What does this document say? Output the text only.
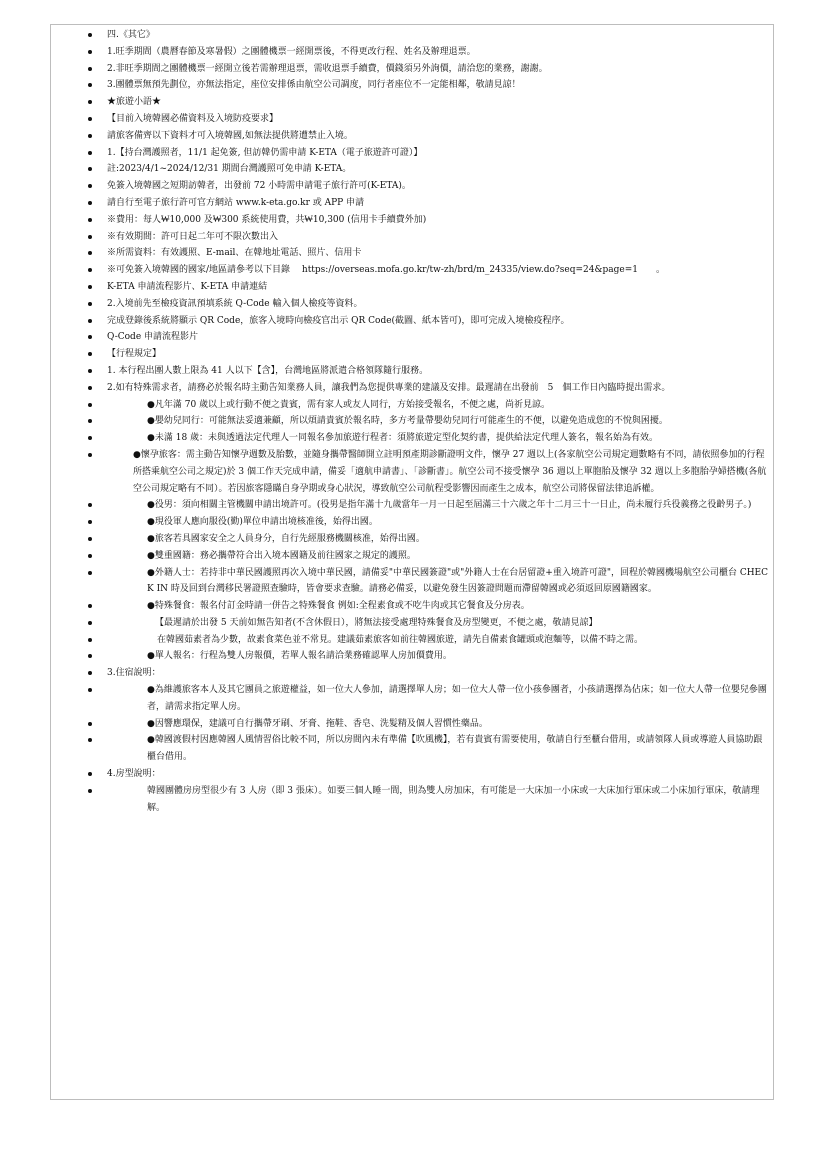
四.《其它》
1.旺季期間（農曆春節及寒暑假）之團體機票一經開票後，不得更改行程、姓名及辦理退票。
2.非旺季期間之團體機票一經開立後若需辦理退票，需收退票手續費，價錢須另外詢價，請洽您的業務，謝謝。
3.團體票無預先劃位，亦無法指定，座位安排係由航空公司調度，同行者座位不一定能相鄰，敬請見諒！
★旅遊小語★
【目前入境韓國必備資料及入境防疫要求】
請旅客備齊以下資料才可入境韓國,如無法提供將遭禁止入境。
1.【持台灣護照者，11/1 起免簽, 但訪韓仍需申請 K-ETA（電子旅遊許可證）】
註:2023/4/1~2024/12/31 期間台灣護照可免申請 K-ETA。
免簽入境韓國之短期訪韓者，出發前 72 小時需申請電子旅行許可(K-ETA)。
請自行至電子旅行許可官方網站 www.k-eta.go.kr 或 APP 申請
※費用：每人₩10,000 及₩300 系統使用費，共₩10,300 (信用卡手續費外加)
※有效期間：許可日起二年可不限次數出入
※所需資料：有效護照、E-mail、在韓地址電話、照片、信用卡
※可免簽入境韓國的國家/地區請參考以下目錄　 https://overseas.mofa.go.kr/tw-zh/brd/m_24335/view.do?seq=24&page=1　　。
K-ETA 申請流程影片、K-ETA 申請連結
2.入境前先至檢疫資訊預填系統 Q-Code 輸入個人檢疫等資料。
完成登錄後系統將顯示 QR Code，旅客入境時向檢疫官出示 QR Code(截圖、紙本皆可)，即可完成入境檢疫程序。
Q-Code 申請流程影片
【行程規定】
1. 本行程出團人數上限為 41 人以下【含】，台灣地區將派遣合格領隊隨行服務。
2.如有特殊需求者，請務必於報名時主動告知業務人員，讓我們為您提供專業的建議及安排。最遲請在出發前　5　個工作日內臨時提出需求。
●凡年滿 70 歲以上或行動不便之貴賓，需有家人或友人同行，方始接受報名，不便之處，尚祈見諒。
●嬰幼兒同行：可能無法妥適兼顧，所以煩請貴賓於報名時，多方考量帶嬰幼兒同行可能產生的不便，以避免造成您的不悅與困擾。
●未滿 18 歲：未與透過法定代理人一同報名參加旅遊行程者：須將旅遊定型化契約書，提供給法定代理人簽名，報名始為有效。
●懷孕旅客：需主動告知懷孕週數及胎數，並隨身攜帶醫師開立註明預產期診斷證明文件，懷孕 27 週以上(各家航空公司規定週數略有不同，請依照參加的行程所搭乘航空公司之規定)於 3 個工作天完成申請，備妥「適航申請書」、「診斷書」。航空公司不接受懷孕 36 週以上單胞胎及懷孕 32 週以上多胞胎孕婦搭機(各航空公司規定略有不同）。若因旅客隱瞞自身孕期或身心狀況，導致航空公司航程受影響因而產生之成本，航空公司將保留法律追訴權。
●役男：須向相關主管機關申請出境許可。(役男是指年滿十九歲當年一月一日起至屆滿三十六歲之年十二月三十一日止，尚未履行兵役義務之役齡男子。)
●現役軍人應向服役(勤)單位申請出境核准後，始得出國。
●旅客若具國家安全之人員身分，自行先經服務機關核准，始得出國。
●雙重國籍：務必攜帶符合出入境本國籍及前往國家之規定的護照。
●外籍人士：若持非中華民國護照再次入境中華民國，請備妥"中華民國簽證"或"外籍人士在台居留證+重入境許可證"，回程於韓國機場航空公司櫃台 CHECK IN 時及回到台灣移民署證照查驗時，皆會要求查驗。請務必備妥，以避免發生因簽證問題而滯留韓國或必須返回原國籍國家。
●特殊餐食：報名付訂金時請一併告之特殊餐食 例如:全程素食或不吃牛肉或其它餐食及分房表。
【最遲請於出發 5 天前如無告知者(不含休假日），將無法接受處理特殊餐食及房型變更，不便之處，敬請見諒】
在韓國茹素者為少數，故素食菜色並不常見。建議茹素旅客如前往韓國旅遊，請先自備素食罐頭或泡麵等，以備不時之需。
●單人報名：行程為雙人房報價，若單人報名請洽業務確認單人房加價費用。
3.住宿說明：
●為維護旅客本人及其它團員之旅遊權益，如一位大人參加，請選擇單人房；如一位大人帶一位小孩參團者，小孩請選擇為佔床；如一位大人帶一位嬰兒參團者，請需求指定單人房。
●因響應環保，建議可自行攜帶牙刷、牙膏、拖鞋、香皂、洗髮精及個人習慣性藥品。
●韓國渡假村因應韓國人風情習俗比較不同，所以房間內未有準備【吹風機】，若有貴賓有需要使用，敬請自行至櫃台借用，或請領隊人員或導遊人員協助跟櫃台借用。
4.房型說明：
韓國團體房房型很少有 3 人房（即 3 張床）。如要三個人睡一間，則為雙人房加床，有可能是一大床加一小床或一大床加行軍床或二小床加行軍床，敬請理解。
